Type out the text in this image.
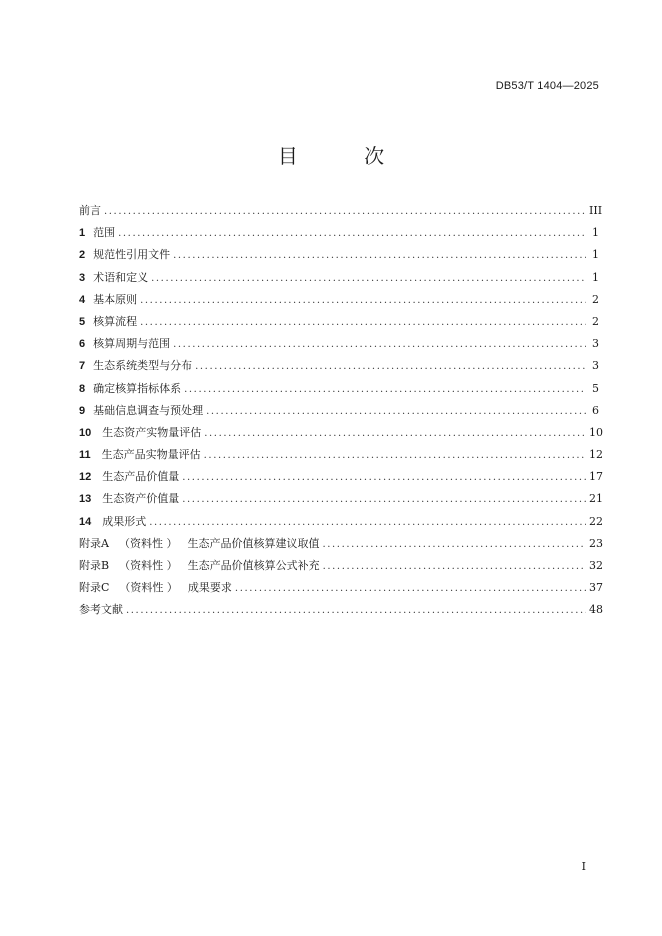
DB53/T 1404—2025
目 次
前言 .....	III
1 范围 .....	1
2 规范性引用文件 .....	1
3 术语和定义 .....	1
4 基本原则 .....	2
5 核算流程 .....	2
6 核算周期与范围 .....	3
7 生态系统类型与分布 .....	3
8 确定核算指标体系 .....	5
9 基础信息调查与预处理 .....	6
10	生态资产实物量评估 .....	10
11	生态产品实物量评估 .....	12
12	生态产品价值量 .....	17
13	生态资产价值量 .....	21
14	成果形式 .....	22
附录A （资料性 ） 生态产品价值核算建议取值 .....	23
附录B （资料性 ） 生态产品价值核算公式补充 .....	32
附录C （资料性 ） 成果要求 .....	37
参考文献 .....	48
I
